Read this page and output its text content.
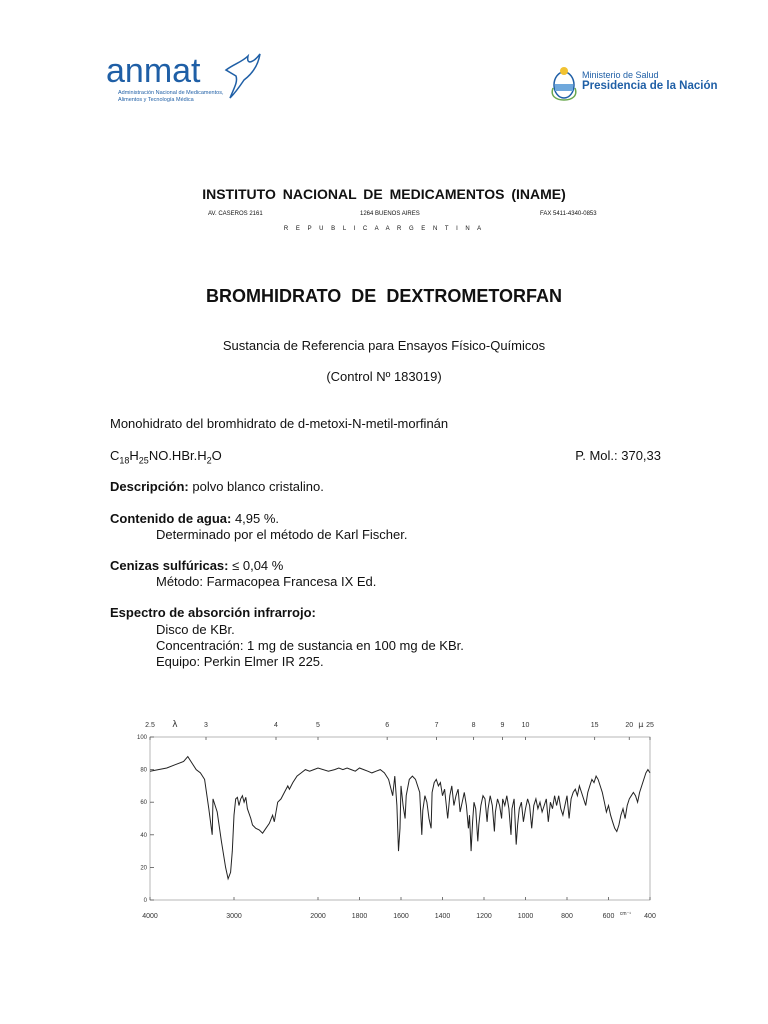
anmat
Administración Nacional de Medicamentos,
Alimentos y Tecnología Médica
Ministerio de Salud
Presidencia de la Nación
INSTITUTO NACIONAL DE MEDICAMENTOS (INAME)
AV. CASEROS 2161	1264 BUENOS AIRES	FAX 5411-4340-0853
R E P U B L I C A A R G E N T I N A
BROMHIDRATO DE DEXTROMETORFAN
Sustancia de Referencia para Ensayos Físico-Químicos
(Control Nº 183019)
Monohidrato del bromhidrato de d-metoxi-N-metil-morfinán
$C_{18}H_{25}NO.HBr.H_2O$	P. Mol.: 370,33
Descripción: polvo blanco cristalino.
Contenido de agua: 4,95 %.
Determinado por el método de Karl Fischer.
Cenizas sulfúricas: ≤ 0,04 %
Método: Farmacopea Francesa IX Ed.
Espectro de absorción infrarrojo:
Disco de KBr.
Concentración: 1 mg de sustancia en 100 mg de KBr.
Equipo: Perkin Elmer IR 225.
0
20
40
60
80
100
4000	3000	2000	1800	1600	1400	1200	1000	800	600	400
cm⁻¹
2.5	3	4	5	6	7	8	9 10	15	20 25
λ	μ
